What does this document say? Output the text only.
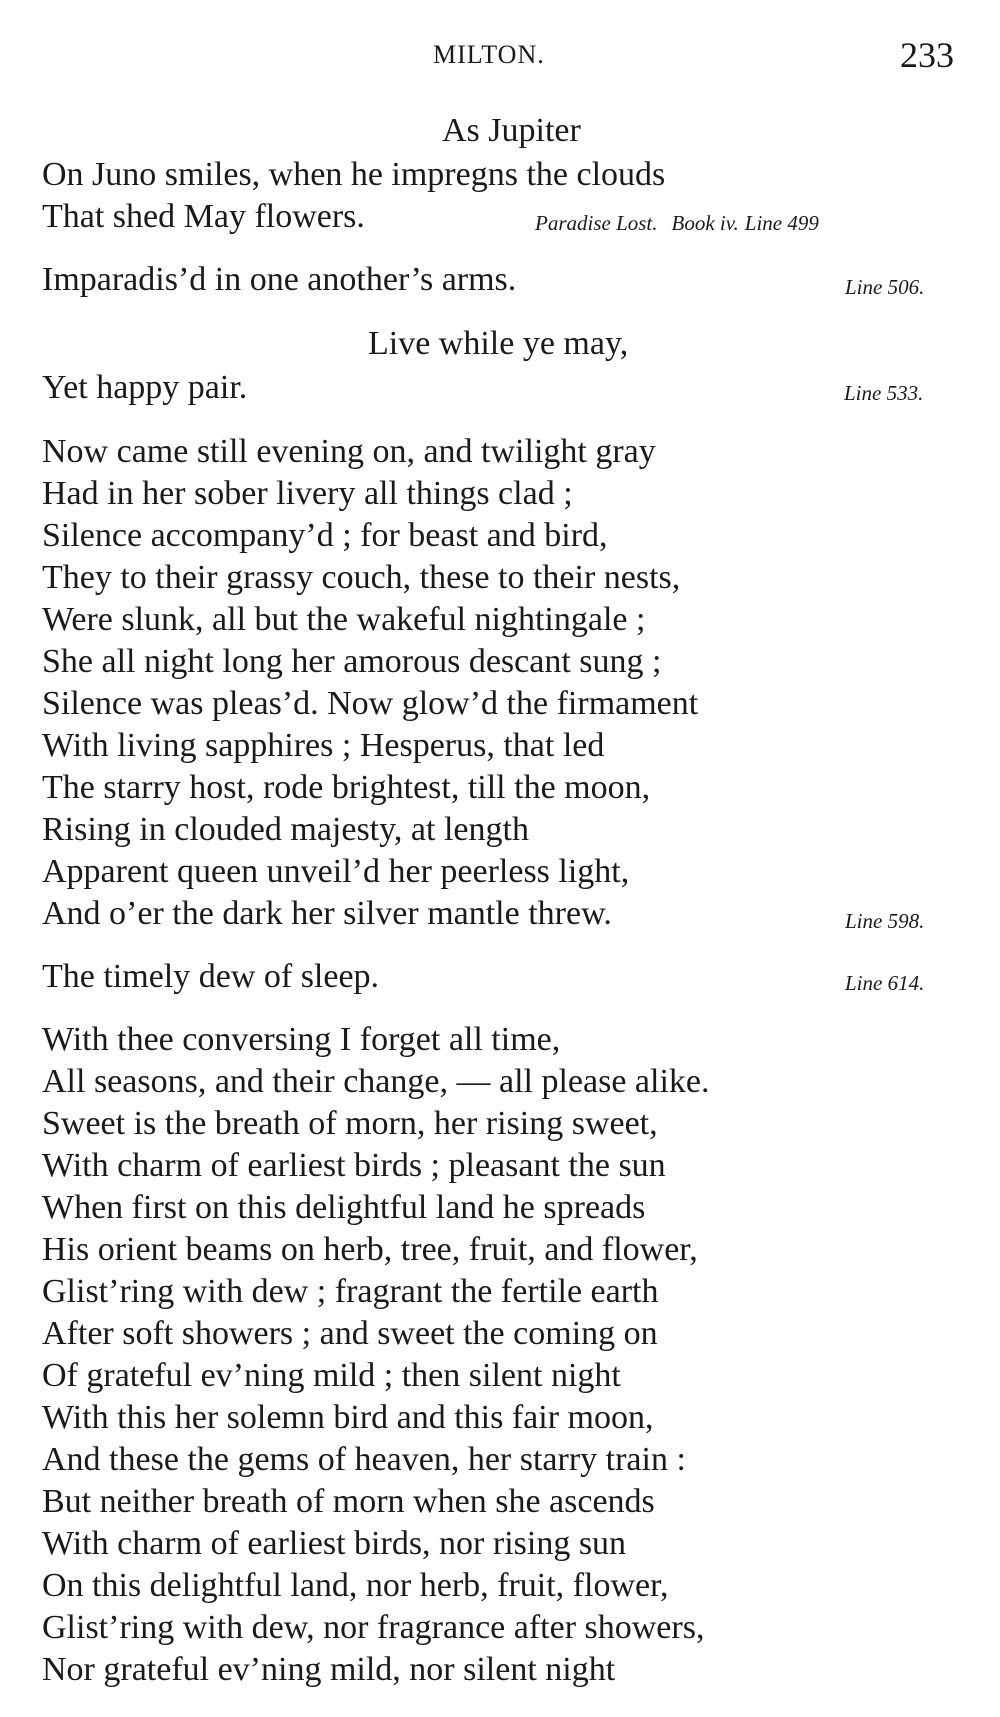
MILTON.	233
As Jupiter
On Juno smiles, when he impregns the clouds
That shed May flowers.	Paradise Lost. Book iv. Line 499
Imparadis’d in one another’s arms.	Line 506.
Live while ye may,
Yet happy pair.	Line 533.
Now came still evening on, and twilight gray
Had in her sober livery all things clad ;
Silence accompany’d ; for beast and bird,
They to their grassy couch, these to their nests,
Were slunk, all but the wakeful nightingale ;
She all night long her amorous descant sung ;
Silence was pleas’d. Now glow’d the firmament
With living sapphires ; Hesperus, that led
The starry host, rode brightest, till the moon,
Rising in clouded majesty, at length
Apparent queen unveil’d her peerless light,
And o’er the dark her silver mantle threw.	Line 598.
The timely dew of sleep.	Line 614.
With thee conversing I forget all time,
All seasons, and their change, — all please alike.
Sweet is the breath of morn, her rising sweet,
With charm of earliest birds ; pleasant the sun
When first on this delightful land he spreads
His orient beams on herb, tree, fruit, and flower,
Glist’ring with dew ; fragrant the fertile earth
After soft showers ; and sweet the coming on
Of grateful ev’ning mild ; then silent night
With this her solemn bird and this fair moon,
And these the gems of heaven, her starry train :
But neither breath of morn when she ascends
With charm of earliest birds, nor rising sun
On this delightful land, nor herb, fruit, flower,
Glist’ring with dew, nor fragrance after showers,
Nor grateful ev’ning mild, nor silent night
